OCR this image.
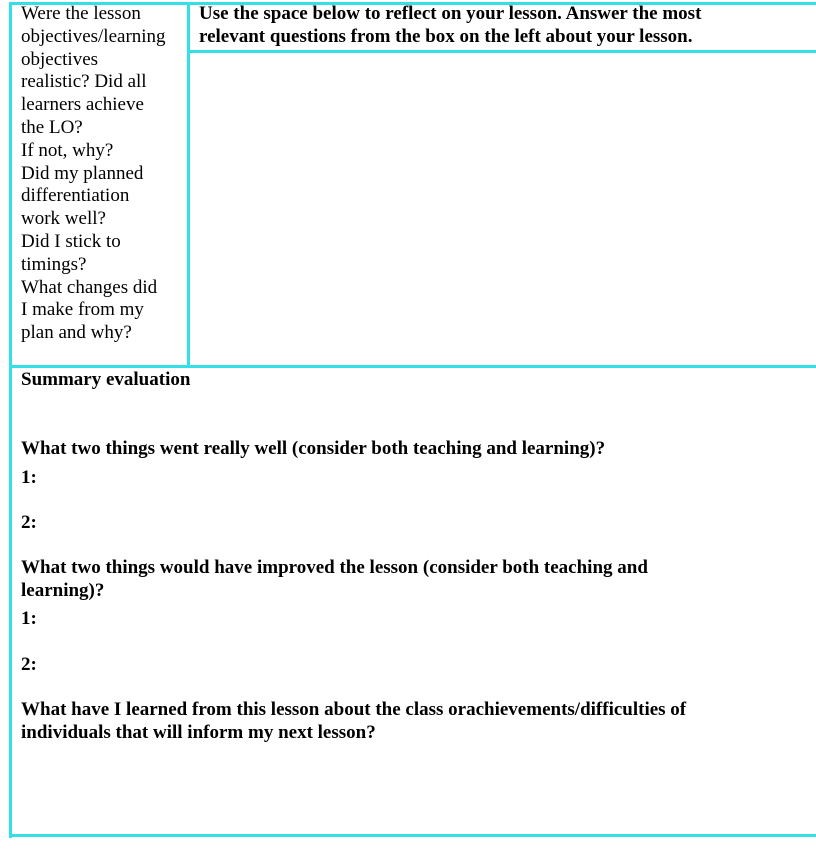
Were the lesson
objectives/learning
objectives
realistic? Did all
learners achieve
the LO?
If not, why?
Did my planned
differentiation
work well?
Did I stick to
timings?
What changes did
I make from my
plan and why?
Use the space below to reflect on your lesson. Answer the most
relevant questions from the box on the left about your lesson.
Summary evaluation
What two things went really well (consider both teaching and learning)?
1:
2:
What two things would have improved the lesson (consider both teaching and
learning)?
1:
2:
What have I learned from this lesson about the class orachievements/difficulties of
individuals that will inform my next lesson?
